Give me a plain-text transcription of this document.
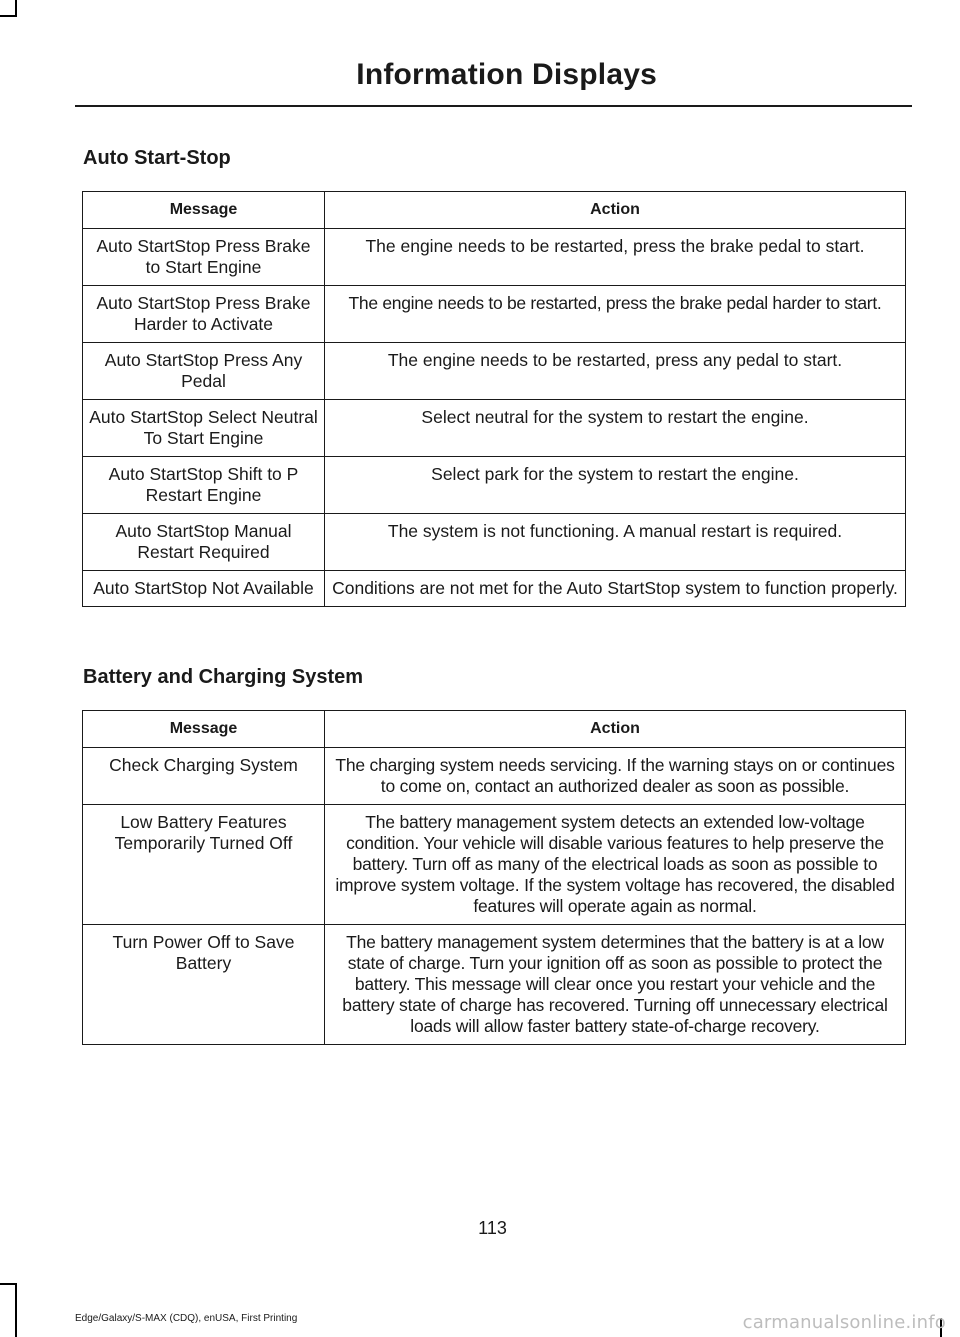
Information Displays
Auto Start-Stop
Message	Action
Auto StartStop Press Brake to Start Engine	The engine needs to be restarted, press the brake pedal to start.
Auto StartStop Press Brake Harder to Activate	The engine needs to be restarted, press the brake pedal harder to start.
Auto StartStop Press Any Pedal	The engine needs to be restarted, press any pedal to start.
Auto StartStop Select Neutral To Start Engine	Select neutral for the system to restart the engine.
Auto StartStop Shift to P Restart Engine	Select park for the system to restart the engine.
Auto StartStop Manual Restart Required	The system is not functioning. A manual restart is required.
Auto StartStop Not Available	Conditions are not met for the Auto StartStop system to function properly.
Battery and Charging System
Message	Action
Check Charging System	The charging system needs servicing. If the warning stays on or continues to come on, contact an authorized dealer as soon as possible.
Low Battery Features Temporarily Turned Off	The battery management system detects an extended low-voltage condition. Your vehicle will disable various features to help preserve the battery. Turn off as many of the electrical loads as soon as possible to improve system voltage. If the system voltage has recovered, the disabled features will operate again as normal.
Turn Power Off to Save Battery	The battery management system determines that the battery is at a low state of charge. Turn your ignition off as soon as possible to protect the battery. This message will clear once you restart your vehicle and the battery state of charge has recovered. Turning off unnecessary electrical loads will allow faster battery state-of-charge recovery.
113
Edge/Galaxy/S-MAX (CDQ), enUSA, First Printing	carmanualsonline.info
